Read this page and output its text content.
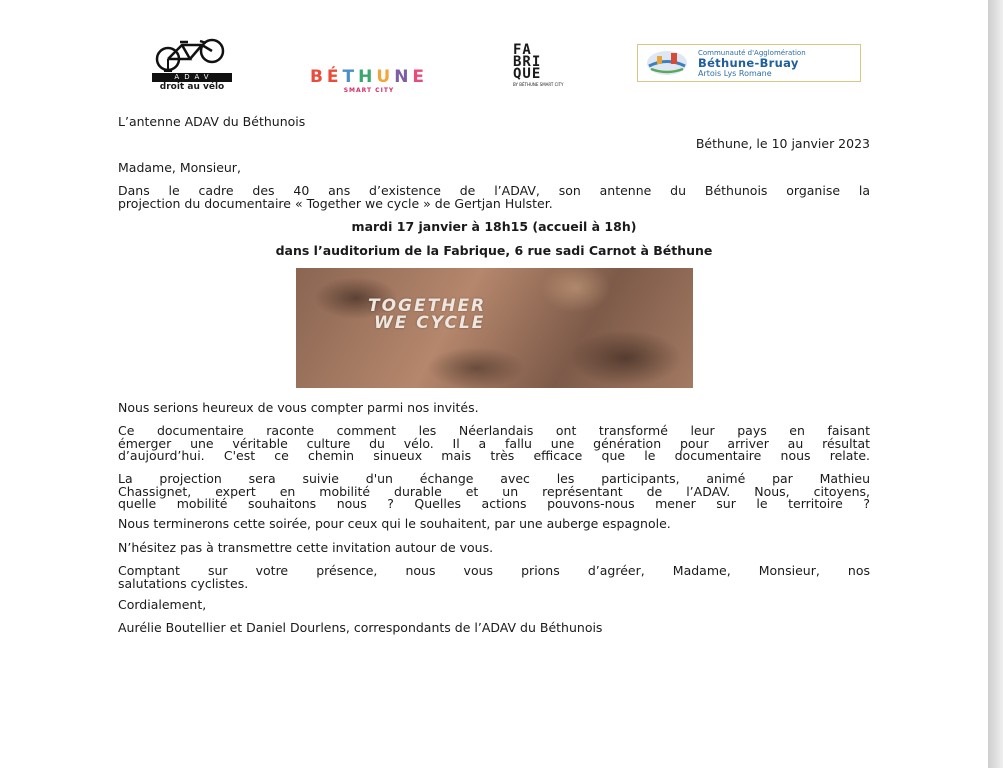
ADAV
droit au vélo	BÉTHUNE
SMART CITY
FA
BRI
QUE
BY BÉTHUNE SMART CITY
Communauté d'Agglomération
Béthune-Bruay
Artois Lys Romane
L’antenne ADAV du Béthunois
Béthune, le 10 janvier 2023
Madame, Monsieur,
Dans le cadre des 40 ans d’existence de l’ADAV, son antenne du Béthunois organise la
projection du documentaire « Together we cycle » de Gertjan Hulster.
mardi 17 janvier à 18h15 (accueil à 18h)
dans l’auditorium de la Fabrique, 6 rue sadi Carnot à Béthune
TOGETHER
WE CYCLE
Nous serions heureux de vous compter parmi nos invités.
Ce documentaire raconte comment les Néerlandais ont transformé leur pays en faisant
émerger une véritable culture du vélo. Il a fallu une génération pour arriver au résultat
d’aujourd’hui. C'est ce chemin sinueux mais très efficace que le documentaire nous relate.
La projection sera suivie d'un échange avec les participants, animé par Mathieu
Chassignet, expert en mobilité durable et un représentant de l’ADAV. Nous, citoyens,
quelle mobilité souhaitons nous ? Quelles actions pouvons-nous mener sur le territoire ?
Nous terminerons cette soirée, pour ceux qui le souhaitent, par une auberge espagnole.
N’hésitez pas à transmettre cette invitation autour de vous.
Comptant sur votre présence, nous vous prions d’agréer, Madame, Monsieur, nos
salutations cyclistes.
Cordialement,
Aurélie Boutellier et Daniel Dourlens, correspondants de l’ADAV du Béthunois
